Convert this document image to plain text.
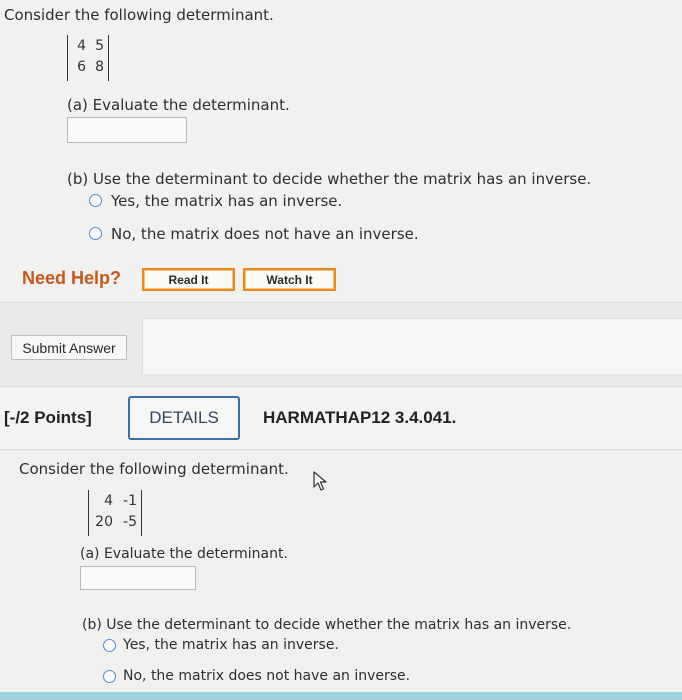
Consider the following determinant.
4 5
6 8
(a) Evaluate the determinant.
(b) Use the determinant to decide whether the matrix has an inverse.
Yes, the matrix has an inverse.
No, the matrix does not have an inverse.
Need Help?	Read It	Watch It
Submit Answer
[-/2 Points]	DETAILS	HARMATHAP12 3.4.041.
Consider the following determinant.
4 -1
20 -5
(a) Evaluate the determinant.
(b) Use the determinant to decide whether the matrix has an inverse.
Yes, the matrix has an inverse.
No, the matrix does not have an inverse.
